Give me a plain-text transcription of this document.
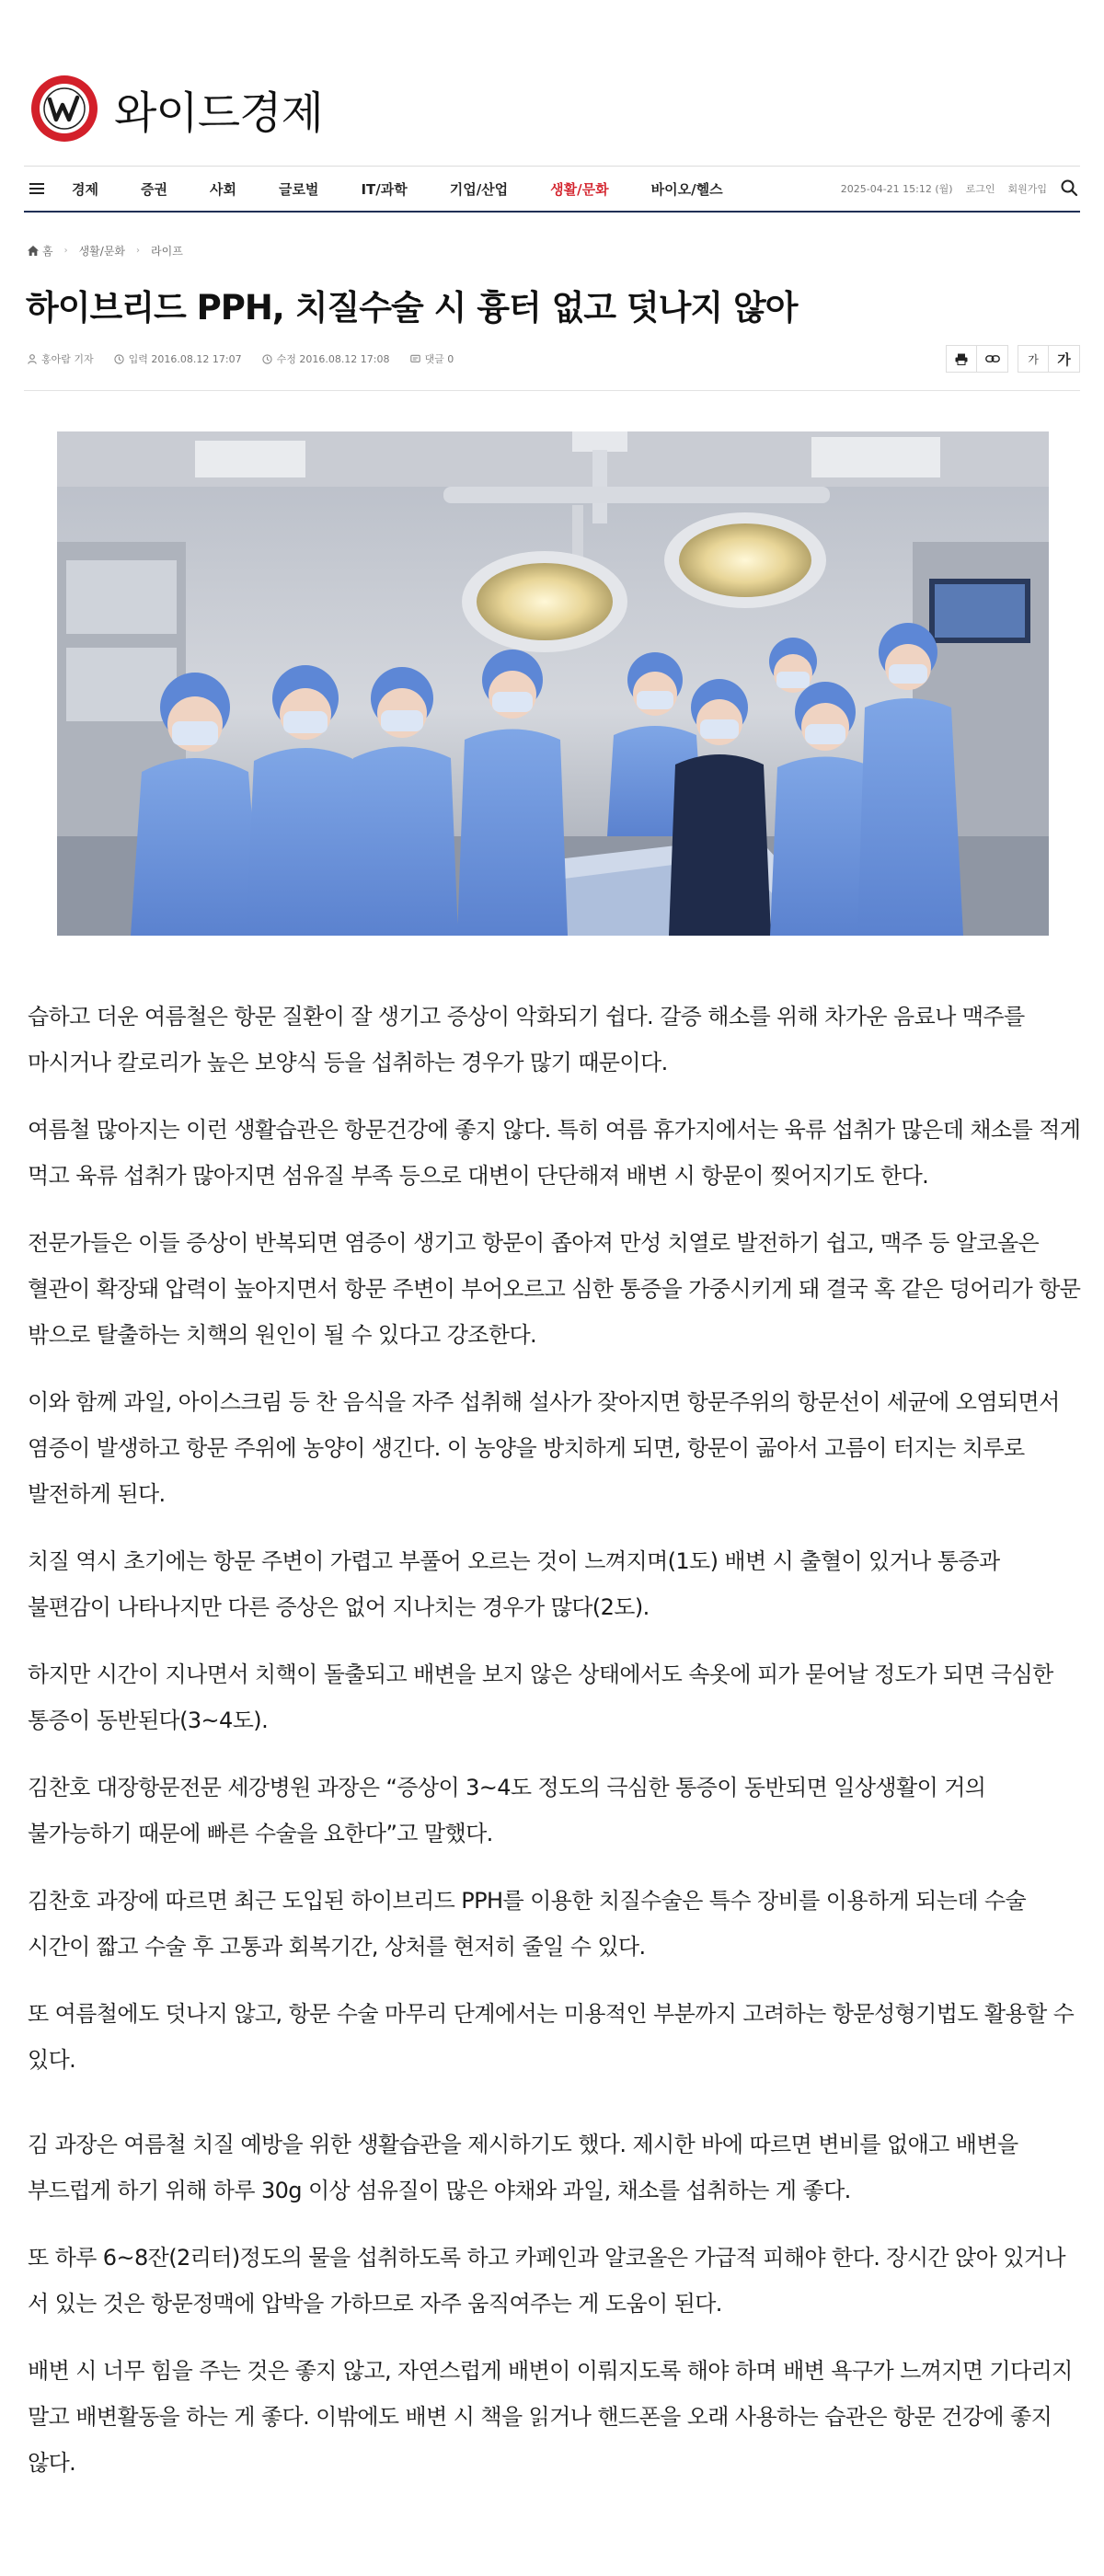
와이드경제
경제	증권	사회	글로벌	IT/과학	기업/산업	생활/문화	바이오/헬스	2025-04-21 15:12 (월) 로그인 회원가입
홈 › 생활/문화 › 라이프
하이브리드 PPH, 치질수술 시 흉터 없고 덧나지 않아
홍아람 기자	입력 2016.08.12 17:07	수정 2016.08.12 17:08	댓글 0	가	가

습하고 더운 여름철은 항문 질환이 잘 생기고 증상이 악화되기 쉽다. 갈증 해소를 위해 차가운 음료나 맥주를 마시거나 칼로리가 높은 보양식 등을 섭취하는 경우가 많기 때문이다.

여름철 많아지는 이런 생활습관은 항문건강에 좋지 않다. 특히 여름 휴가지에서는 육류 섭취가 많은데 채소를 적게 먹고 육류 섭취가 많아지면 섬유질 부족 등으로 대변이 단단해져 배변 시 항문이 찢어지기도 한다.

전문가들은 이들 증상이 반복되면 염증이 생기고 항문이 좁아져 만성 치열로 발전하기 쉽고, 맥주 등 알코올은 혈관이 확장돼 압력이 높아지면서 항문 주변이 부어오르고 심한 통증을 가중시키게 돼 결국 혹 같은 덩어리가 항문 밖으로 탈출하는 치핵의 원인이 될 수 있다고 강조한다.

이와 함께 과일, 아이스크림 등 찬 음식을 자주 섭취해 설사가 잦아지면 항문주위의 항문선이 세균에 오염되면서 염증이 발생하고 항문 주위에 농양이 생긴다. 이 농양을 방치하게 되면, 항문이 곪아서 고름이 터지는 치루로 발전하게 된다.

치질 역시 초기에는 항문 주변이 가렵고 부풀어 오르는 것이 느껴지며(1도) 배변 시 출혈이 있거나 통증과 불편감이 나타나지만 다른 증상은 없어 지나치는 경우가 많다(2도).

하지만 시간이 지나면서 치핵이 돌출되고 배변을 보지 않은 상태에서도 속옷에 피가 묻어날 정도가 되면 극심한 통증이 동반된다(3~4도).

김찬호 대장항문전문 세강병원 과장은 “증상이 3~4도 정도의 극심한 통증이 동반되면 일상생활이 거의 불가능하기 때문에 빠른 수술을 요한다”고 말했다.

김찬호 과장에 따르면 최근 도입된 하이브리드 PPH를 이용한 치질수술은 특수 장비를 이용하게 되는데 수술 시간이 짧고 수술 후 고통과 회복기간, 상처를 현저히 줄일 수 있다.

또 여름철에도 덧나지 않고, 항문 수술 마무리 단계에서는 미용적인 부분까지 고려하는 항문성형기법도 활용할 수 있다.

김 과장은 여름철 치질 예방을 위한 생활습관을 제시하기도 했다. 제시한 바에 따르면 변비를 없애고 배변을 부드럽게 하기 위해 하루 30g 이상 섬유질이 많은 야채와 과일, 채소를 섭취하는 게 좋다.

또 하루 6~8잔(2리터)정도의 물을 섭취하도록 하고 카페인과 알코올은 가급적 피해야 한다. 장시간 앉아 있거나 서 있는 것은 항문정맥에 압박을 가하므로 자주 움직여주는 게 도움이 된다.

배변 시 너무 힘을 주는 것은 좋지 않고, 자연스럽게 배변이 이뤄지도록 해야 하며 배변 욕구가 느껴지면 기다리지 말고 배변활동을 하는 게 좋다. 이밖에도 배변 시 책을 읽거나 핸드폰을 오래 사용하는 습관은 항문 건강에 좋지 않다.
